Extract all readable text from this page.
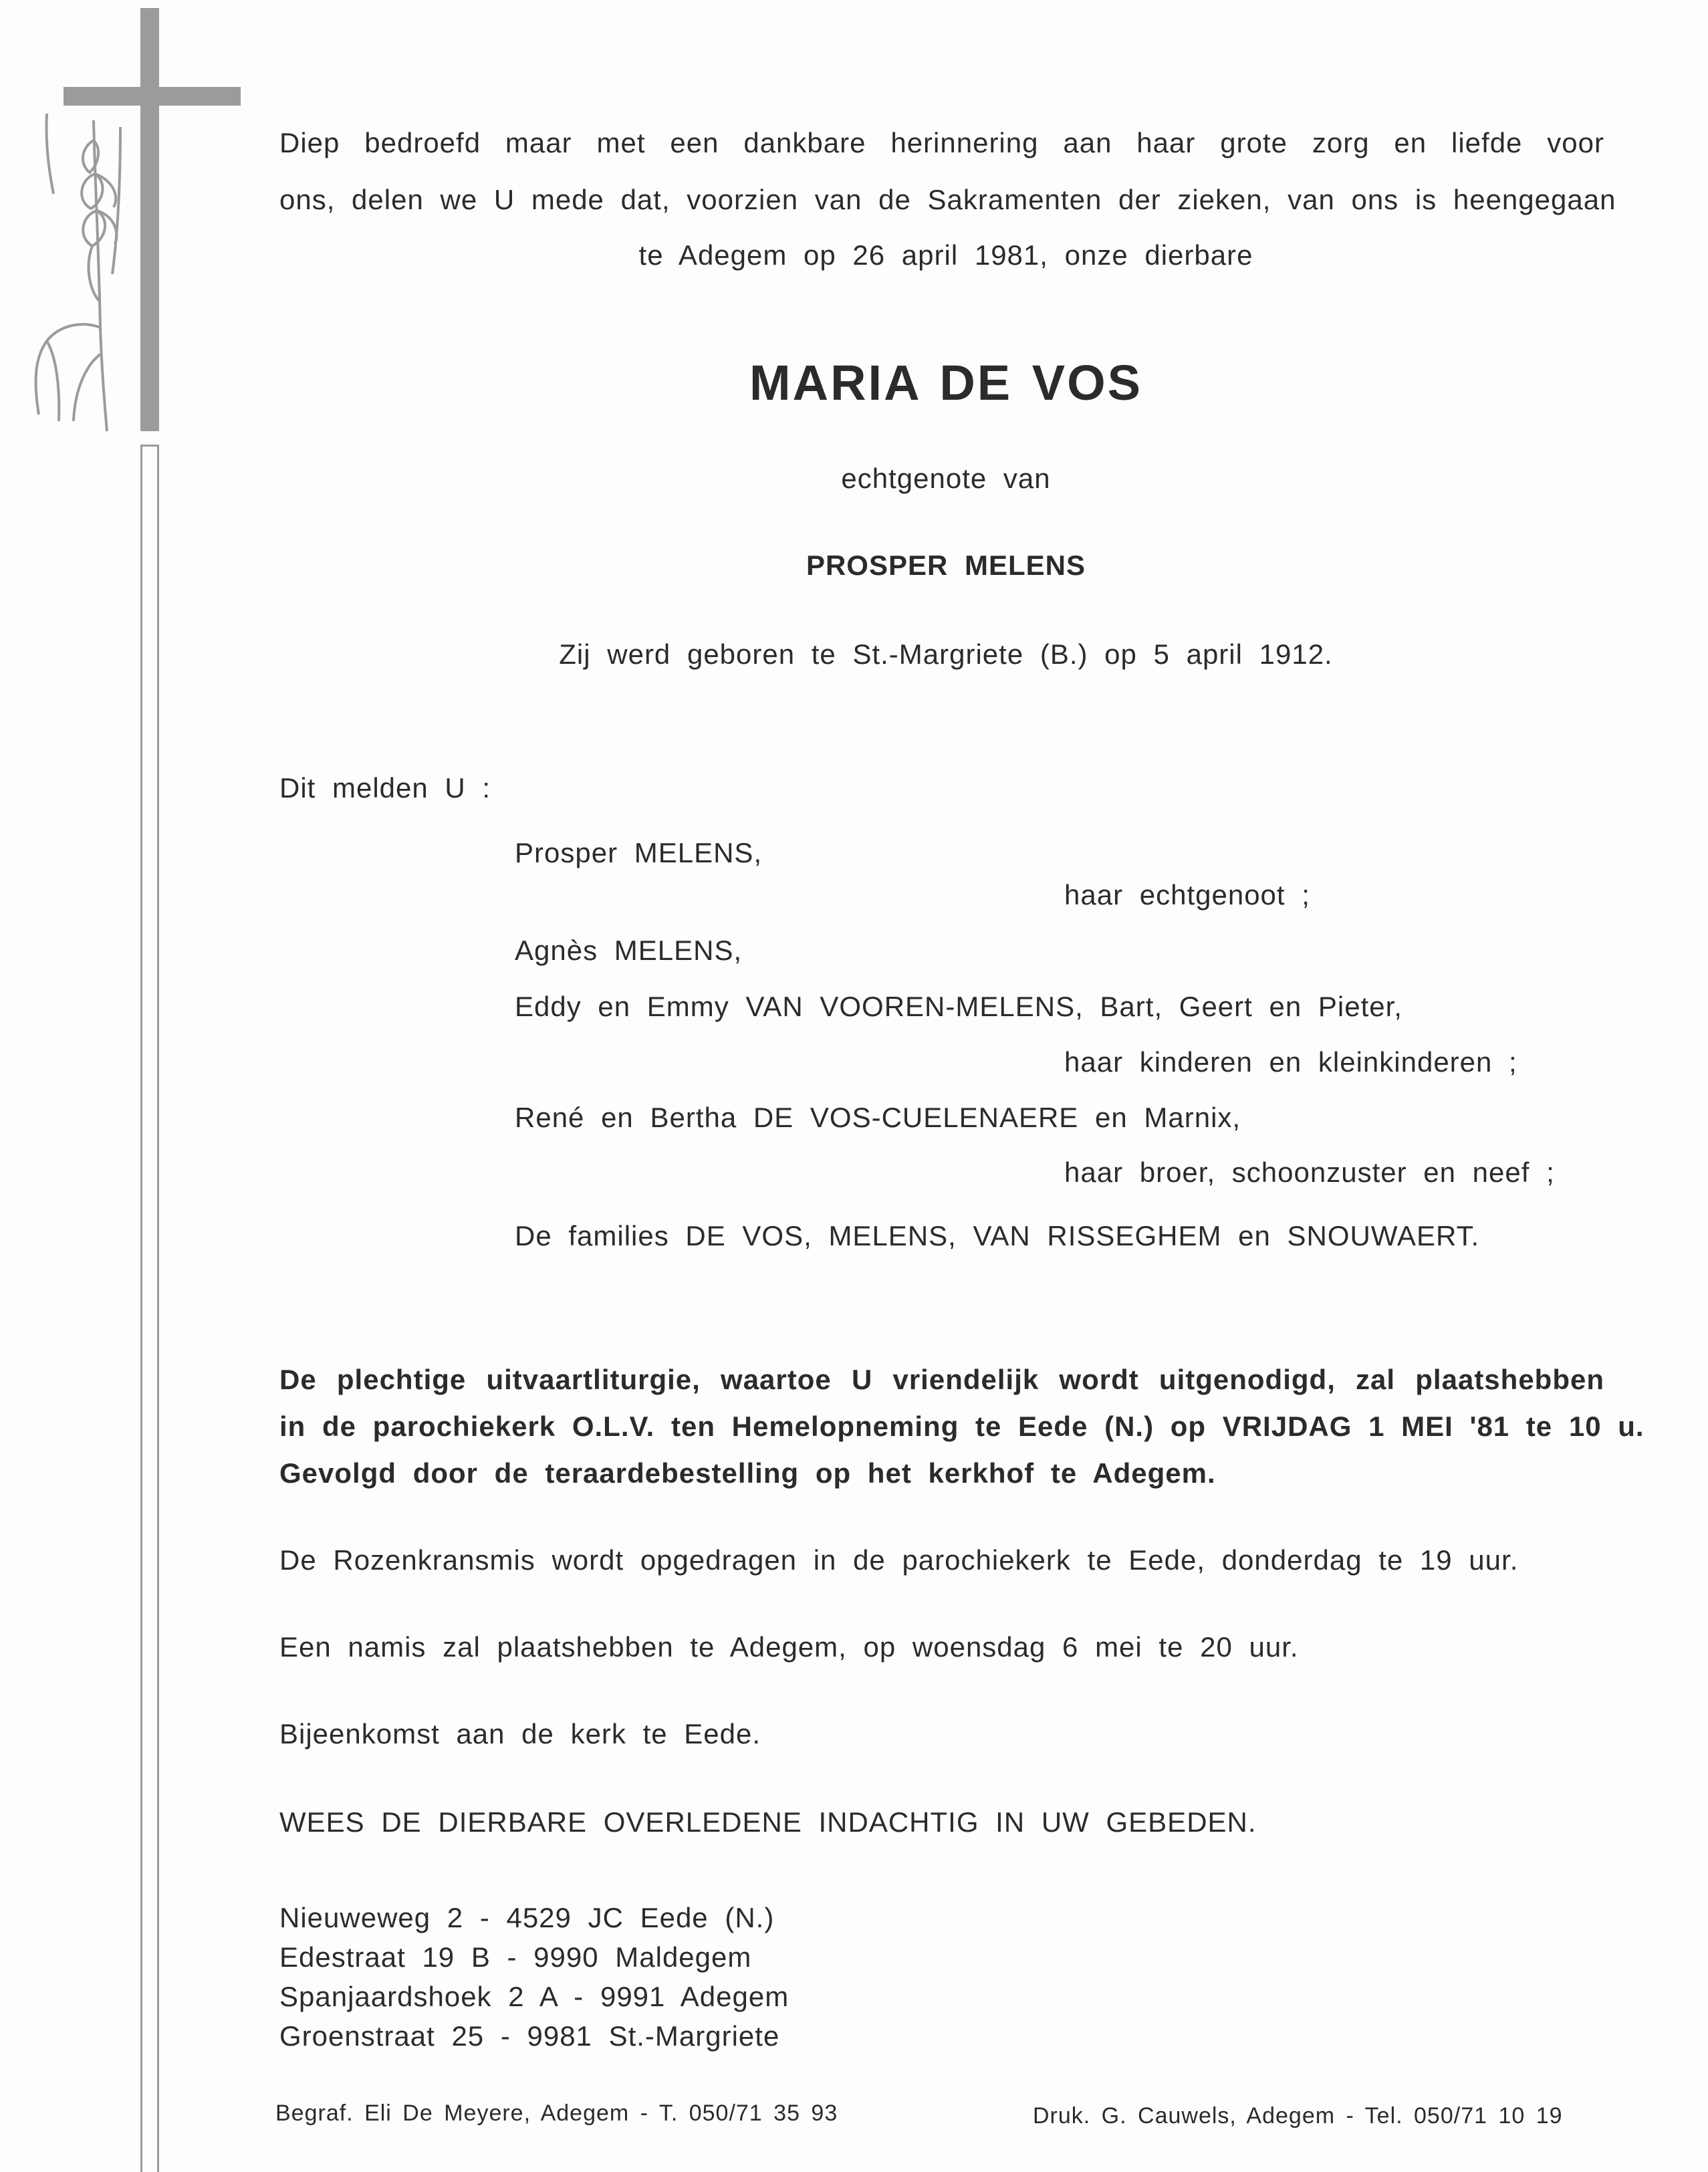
Diep bedroefd maar met een dankbare herinnering aan haar grote zorg en liefde voor
ons, delen we U mede dat, voorzien van de Sakramenten der zieken, van ons is heengegaan
te Adegem op 26 april 1981, onze dierbare
MARIA DE VOS
echtgenote van
PROSPER MELENS
Zij werd geboren te St.-Margriete (B.) op 5 april 1912.
Dit melden U :
Prosper MELENS,
haar echtgenoot ;
Agnès MELENS,
Eddy en Emmy VAN VOOREN-MELENS, Bart, Geert en Pieter,
haar kinderen en kleinkinderen ;
René en Bertha DE VOS-CUELENAERE en Marnix,
haar broer, schoonzuster en neef ;
De families DE VOS, MELENS, VAN RISSEGHEM en SNOUWAERT.
De plechtige uitvaartliturgie, waartoe U vriendelijk wordt uitgenodigd, zal plaatshebben
in de parochiekerk O.L.V. ten Hemelopneming te Eede (N.) op VRIJDAG 1 MEI '81 te 10 u.
Gevolgd door de teraardebestelling op het kerkhof te Adegem.
De Rozenkransmis wordt opgedragen in de parochiekerk te Eede, donderdag te 19 uur.
Een namis zal plaatshebben te Adegem, op woensdag 6 mei te 20 uur.
Bijeenkomst aan de kerk te Eede.
WEES DE DIERBARE OVERLEDENE INDACHTIG IN UW GEBEDEN.
Nieuweweg 2 - 4529 JC Eede (N.)
Edestraat 19 B - 9990 Maldegem
Spanjaardshoek 2 A - 9991 Adegem
Groenstraat 25 - 9981 St.-Margriete
Begraf. Eli De Meyere, Adegem - T. 050/71 35 93	Druk. G. Cauwels, Adegem - Tel. 050/71 10 19
